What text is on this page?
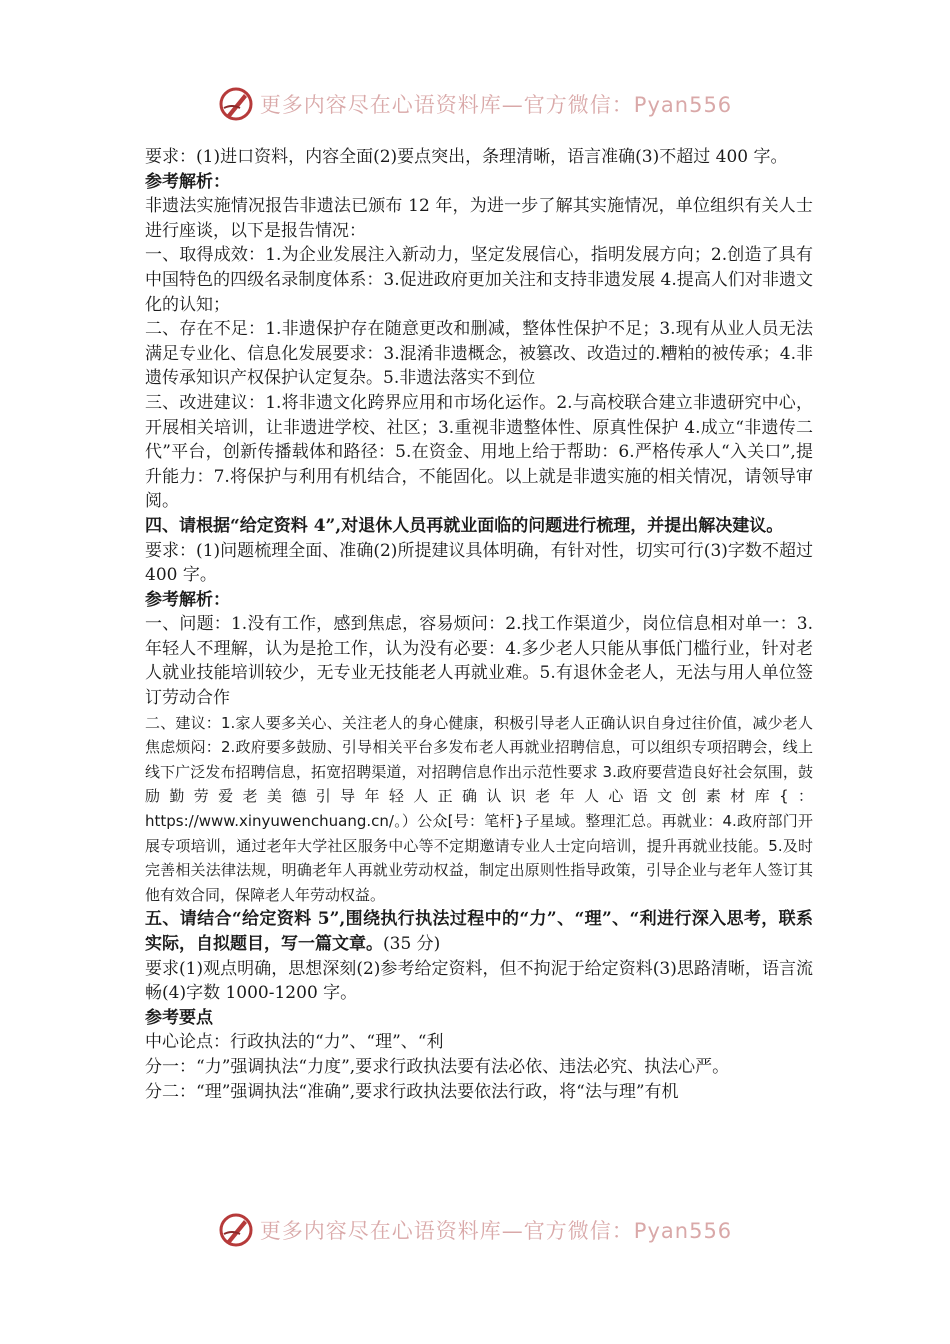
更多内容尽在心语资料库—官方微信：Pyan556

要求：(1)进口资料，内容全面(2)要点突出，条理清晰，语言准确(3)不超过 400 字。

参考解析：

非遗法实施情况报告非遗法已颁布 12 年，为进一步了解其实施情况，单位组织有关人士进行座谈，以下是报告情况：

一、取得成效：1.为企业发展注入新动力，坚定发展信心，指明发展方向；2.创造了具有中国特色的四级名录制度体系：3.促进政府更加关注和支持非遗发展 4.提高人们对非遗文化的认知；

二、存在不足：1.非遗保护存在随意更改和删减，整体性保护不足；3.现有从业人员无法满足专业化、信息化发展要求：3.混淆非遗概念，被篡改、改造过的.糟粕的被传承；4.非遗传承知识产权保护认定复杂。5.非遗法落实不到位

三、改进建议：1.将非遗文化跨界应用和市场化运作。2.与高校联合建立非遗研究中心，开展相关培训，让非遗进学校、社区；3.重视非遗整体性、原真性保护 4.成立“非遗传二代”平台，创新传播载体和路径：5.在资金、用地上给于帮助：6.严格传承人“入关口”,提升能力：7.将保护与利用有机结合，不能固化。以上就是非遗实施的相关情况，请领导审阅。

四、请根据“给定资料 4”,对退休人员再就业面临的问题进行梳理，并提出解决建议。

要求：(1)问题梳理全面、准确(2)所提建议具体明确，有针对性，切实可行(3)字数不超过 400 字。

参考解析：

一、问题：1.没有工作，感到焦虑，容易烦问：2.找工作渠道少，岗位信息相对单一：3.年轻人不理解，认为是抢工作，认为没有必要：4.多少老人只能从事低门槛行业，针对老人就业技能培训较少，无专业无技能老人再就业难。5.有退休金老人，无法与用人单位签订劳动合作

二、建议：1.家人要多关心、关注老人的身心健康，积极引导老人正确认识自身过往价值，减少老人焦虑烦闷：2.政府要多鼓励、引导相关平台多发布老人再就业招聘信息，可以组织专项招聘会，线上线下广泛发布招聘信息，拓宽招聘渠道，对招聘信息作出示范性要求 3.政府要营造良好社会氛围，鼓励勤劳爱老美德引导年轻人正确认识老年人心语文创素材库{：https://www.xinyuwenchuang.cn/。）公众[号：笔杆}子星域。整理汇总。再就业：4.政府部门开展专项培训，通过老年大学社区服务中心等不定期邀请专业人士定向培训，提升再就业技能。5.及时完善相关法律法规，明确老年人再就业劳动权益，制定出原则性指导政策，引导企业与老年人签订其他有效合同，保障老人年劳动权益。

五、请结合“给定资料 5”,围绕执行执法过程中的“力”、“理”、“利进行深入思考，联系实际，自拟题目，写一篇文章。(35 分)

要求(1)观点明确，思想深刻(2)参考给定资料，但不拘泥于给定资料(3)思路清晰，语言流畅(4)字数 1000-1200 字。

参考要点

中心论点：行政执法的“力”、“理”、“利

分一：“力”强调执法“力度”,要求行政执法要有法必依、违法必究、执法心严。

分二：“理”强调执法“准确”,要求行政执法要依法行政，将“法与理”有机

更多内容尽在心语资料库—官方微信：Pyan556
